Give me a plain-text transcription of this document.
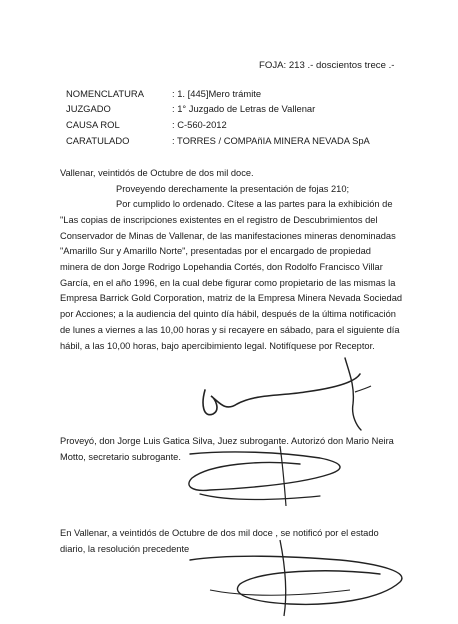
FOJA: 213 .- doscientos trece .-
NOMENCLATURA	: 1. [445]Mero trámite
JUZGADO	: 1° Juzgado de Letras de Vallenar
CAUSA ROL	: C-560-2012
CARATULADO	: TORRES / COMPAñIA MINERA NEVADA SpA
Vallenar, veintidós de Octubre de dos mil doce.
Proveyendo derechamente la presentación de fojas 210;
Por cumplido lo ordenado. Cítese a las partes para la exhibición de
"Las copias de inscripciones existentes en el registro de Descubrimientos del
Conservador de Minas de Vallenar, de las manifestaciones mineras denominadas
"Amarillo Sur y Amarillo Norte", presentadas por el encargado de propiedad
minera de don Jorge Rodrigo Lopehandia Cortés, don Rodolfo Francisco Villar
García, en el año 1996, en la cual debe figurar como propietario de las mismas la
Empresa Barrick Gold Corporation, matriz de la Empresa Minera Nevada Sociedad
por Acciones; a la audiencia del quinto día hábil, después de la última notificación
de lunes a viernes a las 10,00 horas y si recayere en sábado, para el siguiente día
hábil, a las 10,00 horas, bajo apercibimiento legal. Notifíquese por Receptor.
Proveyó, don Jorge Luis Gatica Silva, Juez subrogante. Autorizó don Mario Neira
Motto, secretario subrogante.
En Vallenar, a veintidós de Octubre de dos mil doce , se notificó por el estado
diario, la resolución precedente
